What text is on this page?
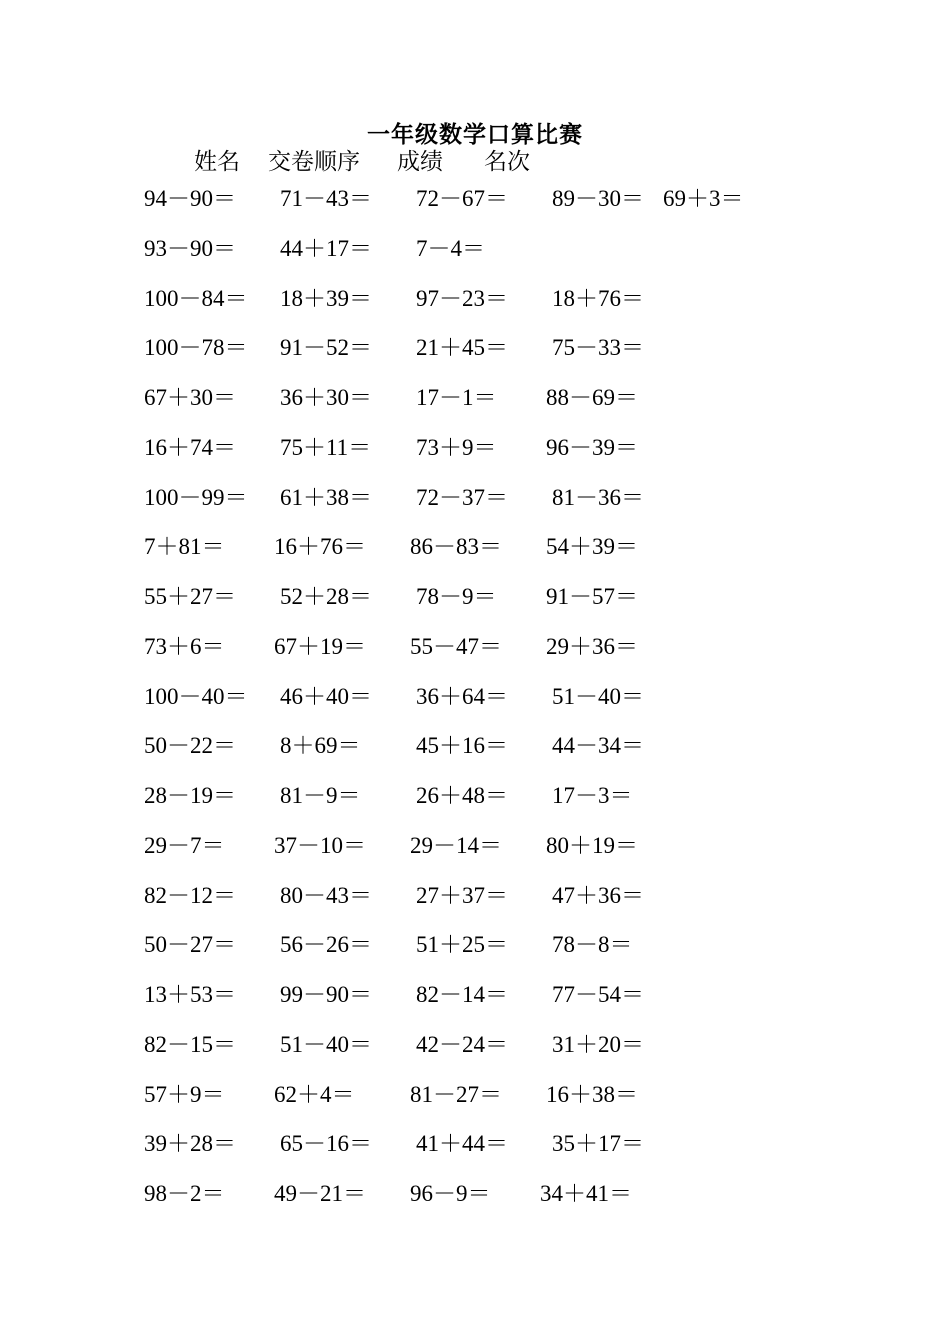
一年级数学口算比赛
姓名 交卷顺序 成绩 名次
94－90＝ 71－43＝ 72－67＝ 89－30＝ 69＋3＝
93－90＝ 44＋17＝ 7－4＝
100－84＝ 18＋39＝ 97－23＝ 18＋76＝
100－78＝ 91－52＝ 21＋45＝ 75－33＝
67＋30＝ 36＋30＝ 17－1＝ 88－69＝
16＋74＝ 75＋11＝ 73＋9＝ 96－39＝
100－99＝ 61＋38＝ 72－37＝ 81－36＝
7＋81＝ 16＋76＝ 86－83＝ 54＋39＝
55＋27＝ 52＋28＝ 78－9＝ 91－57＝
73＋6＝ 67＋19＝ 55－47＝ 29＋36＝
100－40＝ 46＋40＝ 36＋64＝ 51－40＝
50－22＝ 8＋69＝ 45＋16＝ 44－34＝
28－19＝ 81－9＝ 26＋48＝ 17－3＝
29－7＝ 37－10＝ 29－14＝ 80＋19＝
82－12＝ 80－43＝ 27＋37＝ 47＋36＝
50－27＝ 56－26＝ 51＋25＝ 78－8＝
13＋53＝ 99－90＝ 82－14＝ 77－54＝
82－15＝ 51－40＝ 42－24＝ 31＋20＝
57＋9＝ 62＋4＝ 81－27＝ 16＋38＝
39＋28＝ 65－16＝ 41＋44＝ 35＋17＝
98－2＝ 49－21＝ 96－9＝ 34＋41＝
